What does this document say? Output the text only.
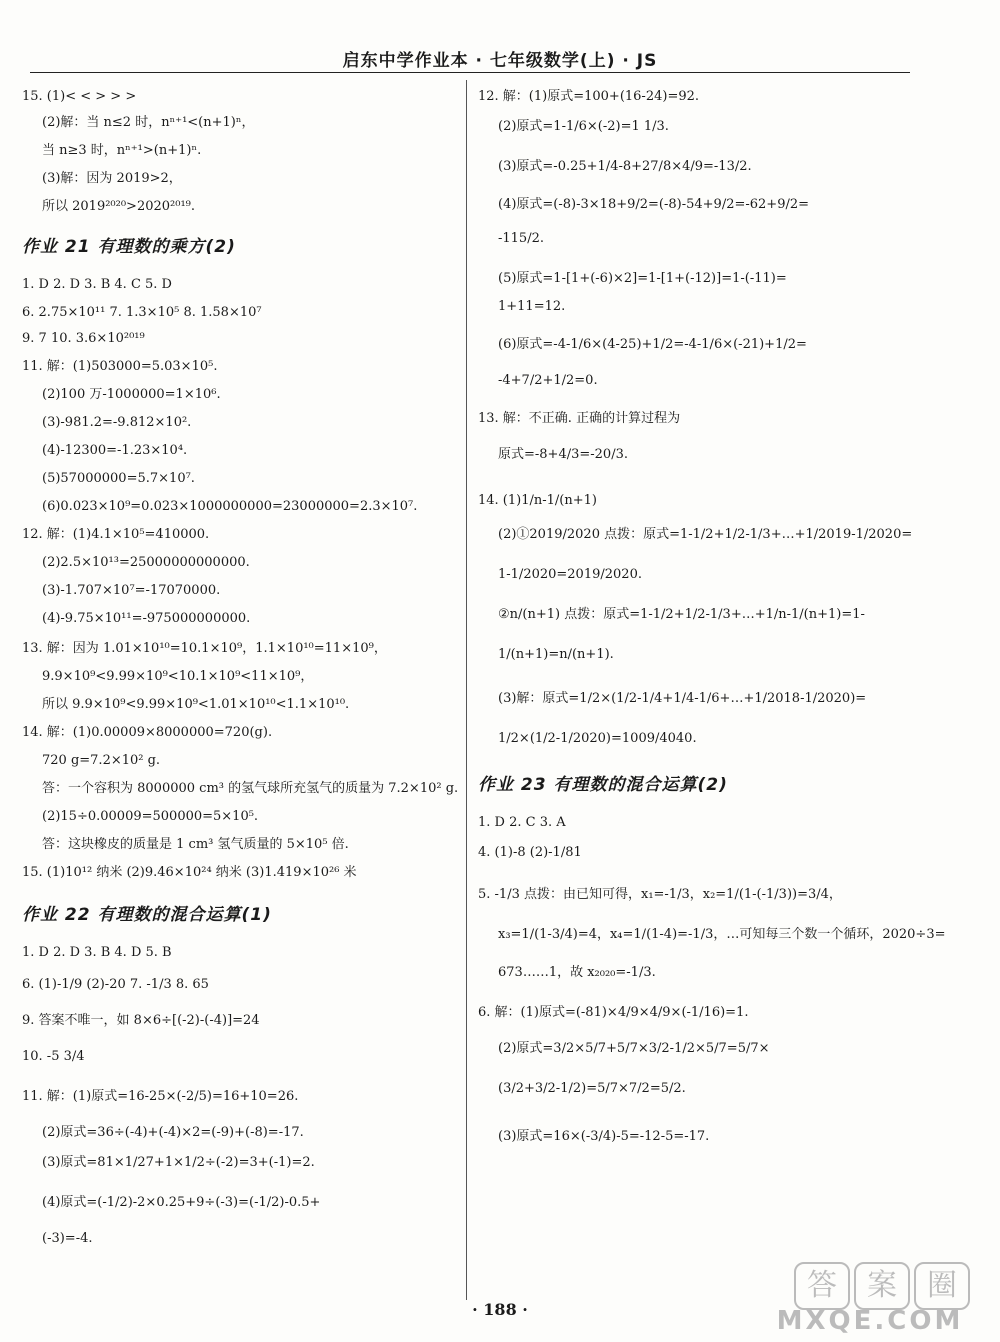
启东中学作业本 · 七年级数学(上) · JS
15. (1)< < > > >
(2)解：当 n≤2 时，nⁿ⁺¹<(n+1)ⁿ，
当 n≥3 时，nⁿ⁺¹>(n+1)ⁿ.
(3)解：因为 2019>2，
所以 2019²⁰²⁰>2020²⁰¹⁹.
作业 21 有理数的乘方(2)
1. D 2. D 3. B 4. C 5. D
6. 2.75×10¹¹ 7. 1.3×10⁵ 8. 1.58×10⁷
9. 7 10. 3.6×10²⁰¹⁹
11. 解：(1)503000=5.03×10⁵.
(2)100 万-1000000=1×10⁶.
(3)-981.2=-9.812×10².
(4)-12300=-1.23×10⁴.
(5)57000000=5.7×10⁷.
(6)0.023×10⁹=0.023×1000000000=23000000=2.3×10⁷.
12. 解：(1)4.1×10⁵=410000.
(2)2.5×10¹³=25000000000000.
(3)-1.707×10⁷=-17070000.
(4)-9.75×10¹¹=-975000000000.
13. 解：因为 1.01×10¹⁰=10.1×10⁹，1.1×10¹⁰=11×10⁹，
9.9×10⁹<9.99×10⁹<10.1×10⁹<11×10⁹，
所以 9.9×10⁹<9.99×10⁹<1.01×10¹⁰<1.1×10¹⁰.
14. 解：(1)0.00009×8000000=720(g).
720 g=7.2×10² g.
答：一个容积为 8000000 cm³ 的氢气球所充氢气的质量为 7.2×10² g.
(2)15÷0.00009=500000=5×10⁵.
答：这块橡皮的质量是 1 cm³ 氢气质量的 5×10⁵ 倍.
15. (1)10¹² 纳米 (2)9.46×10²⁴ 纳米 (3)1.419×10²⁶ 米
作业 22 有理数的混合运算(1)
1. D 2. D 3. B 4. D 5. B
6. (1)-1/9 (2)-20 7. -1/3 8. 65
9. 答案不唯一，如 8×6÷[(-2)-(-4)]=24
10. -5 3/4
11. 解：(1)原式=16-25×(-2/5)=16+10=26.
(2)原式=36÷(-4)+(-4)×2=(-9)+(-8)=-17.
(3)原式=81×1/27+1×1/2÷(-2)=3+(-1)=2.
(4)原式=(-1/2)-2×0.25+9÷(-3)=(-1/2)-0.5+
(-3)=-4.
12. 解：(1)原式=100+(16-24)=92.
(2)原式=1-1/6×(-2)=1 1/3.
(3)原式=-0.25+1/4-8+27/8×4/9=-13/2.
(4)原式=(-8)-3×18+9/2=(-8)-54+9/2=-62+9/2=
-115/2.
(5)原式=1-[1+(-6)×2]=1-[1+(-12)]=1-(-11)=
1+11=12.
(6)原式=-4-1/6×(4-25)+1/2=-4-1/6×(-21)+1/2=
-4+7/2+1/2=0.
13. 解：不正确. 正确的计算过程为
原式=-8+4/3=-20/3.
14. (1)1/n-1/(n+1)
(2)①2019/2020 点拨：原式=1-1/2+1/2-1/3+…+1/2019-1/2020=
1-1/2020=2019/2020.
②n/(n+1) 点拨：原式=1-1/2+1/2-1/3+…+1/n-1/(n+1)=1-
1/(n+1)=n/(n+1).
(3)解：原式=1/2×(1/2-1/4+1/4-1/6+…+1/2018-1/2020)=
1/2×(1/2-1/2020)=1009/4040.
作业 23 有理数的混合运算(2)
1. D 2. C 3. A
4. (1)-8 (2)-1/81
5. -1/3 点拨：由已知可得，x₁=-1/3，x₂=1/(1-(-1/3))=3/4，
x₃=1/(1-3/4)=4，x₄=1/(1-4)=-1/3，…可知每三个数一个循环，2020÷3=
673……1，故 x₂₀₂₀=-1/3.
6. 解：(1)原式=(-81)×4/9×4/9×(-1/16)=1.
(2)原式=3/2×5/7+5/7×3/2-1/2×5/7=5/7×
(3/2+3/2-1/2)=5/7×7/2=5/2.
(3)原式=16×(-3/4)-5=-12-5=-17.
· 188 ·
答	案	圈
MXQE.COM
